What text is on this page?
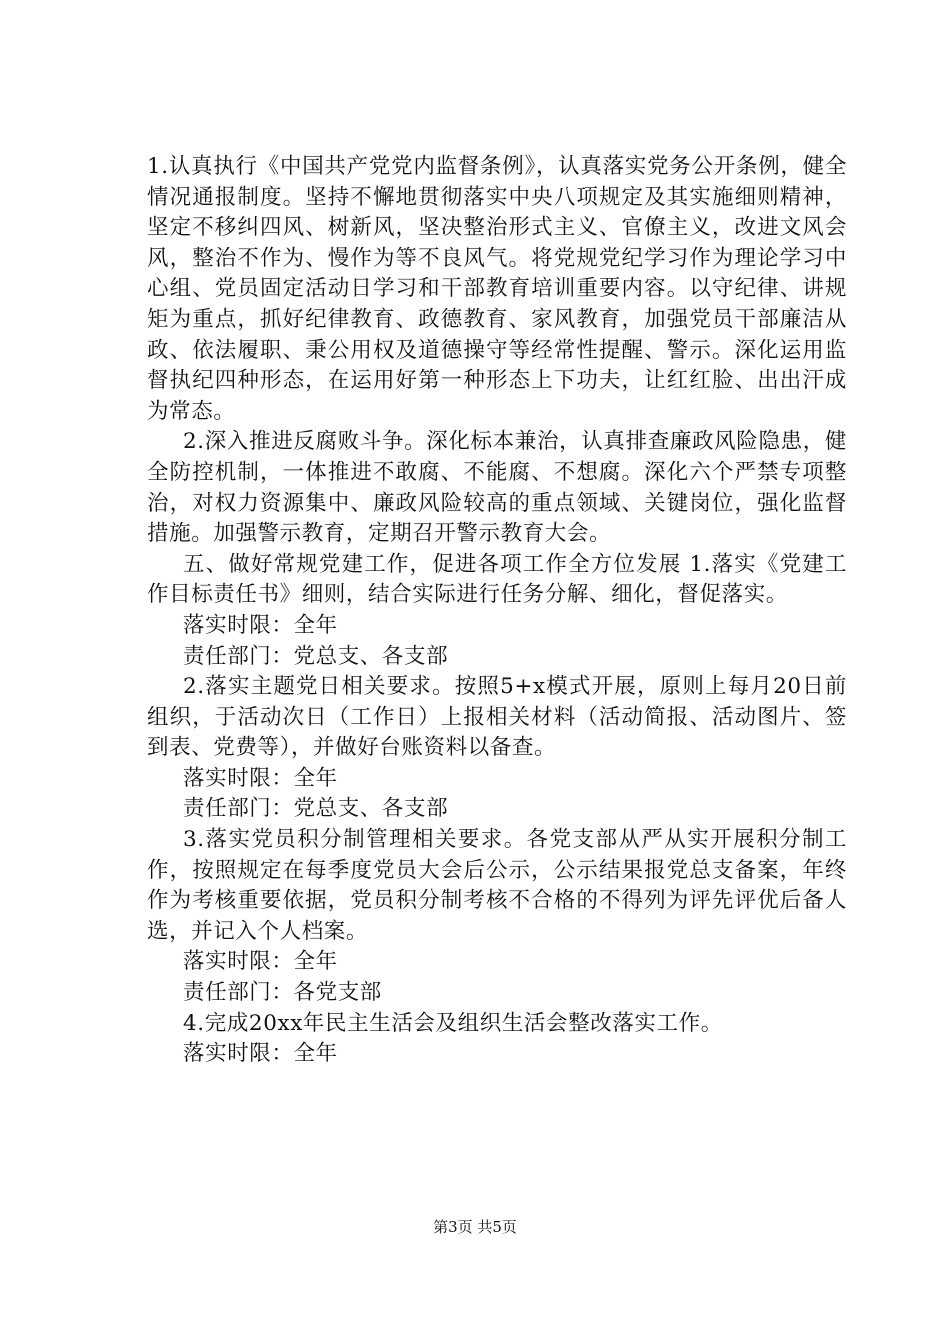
1.认真执行《中国共产党党内监督条例》，认真落实党务公开条例，健全情况通报制度。坚持不懈地贯彻落实中央八项规定及其实施细则精神，坚定不移纠四风、树新风，坚决整治形式主义、官僚主义，改进文风会风，整治不作为、慢作为等不良风气。将党规党纪学习作为理论学习中心组、党员固定活动日学习和干部教育培训重要内容。以守纪律、讲规矩为重点，抓好纪律教育、政德教育、家风教育，加强党员干部廉洁从政、依法履职、秉公用权及道德操守等经常性提醒、警示。深化运用监督执纪四种形态，在运用好第一种形态上下功夫，让红红脸、出出汗成为常态。

2.深入推进反腐败斗争。深化标本兼治，认真排查廉政风险隐患，健全防控机制，一体推进不敢腐、不能腐、不想腐。深化六个严禁专项整治，对权力资源集中、廉政风险较高的重点领域、关键岗位，强化监督措施。加强警示教育，定期召开警示教育大会。

五、做好常规党建工作，促进各项工作全方位发展 1.落实《党建工作目标责任书》细则，结合实际进行任务分解、细化，督促落实。

落实时限：全年

责任部门：党总支、各支部

2.落实主题党日相关要求。按照5+x模式开展，原则上每月20日前组织，于活动次日（工作日）上报相关材料（活动简报、活动图片、签到表、党费等），并做好台账资料以备查。

落实时限：全年

责任部门：党总支、各支部

3.落实党员积分制管理相关要求。各党支部从严从实开展积分制工作，按照规定在每季度党员大会后公示，公示结果报党总支备案，年终作为考核重要依据，党员积分制考核不合格的不得列为评先评优后备人选，并记入个人档案。

落实时限：全年

责任部门：各党支部

4.完成20xx年民主生活会及组织生活会整改落实工作。

落实时限：全年

第3页 共5页
